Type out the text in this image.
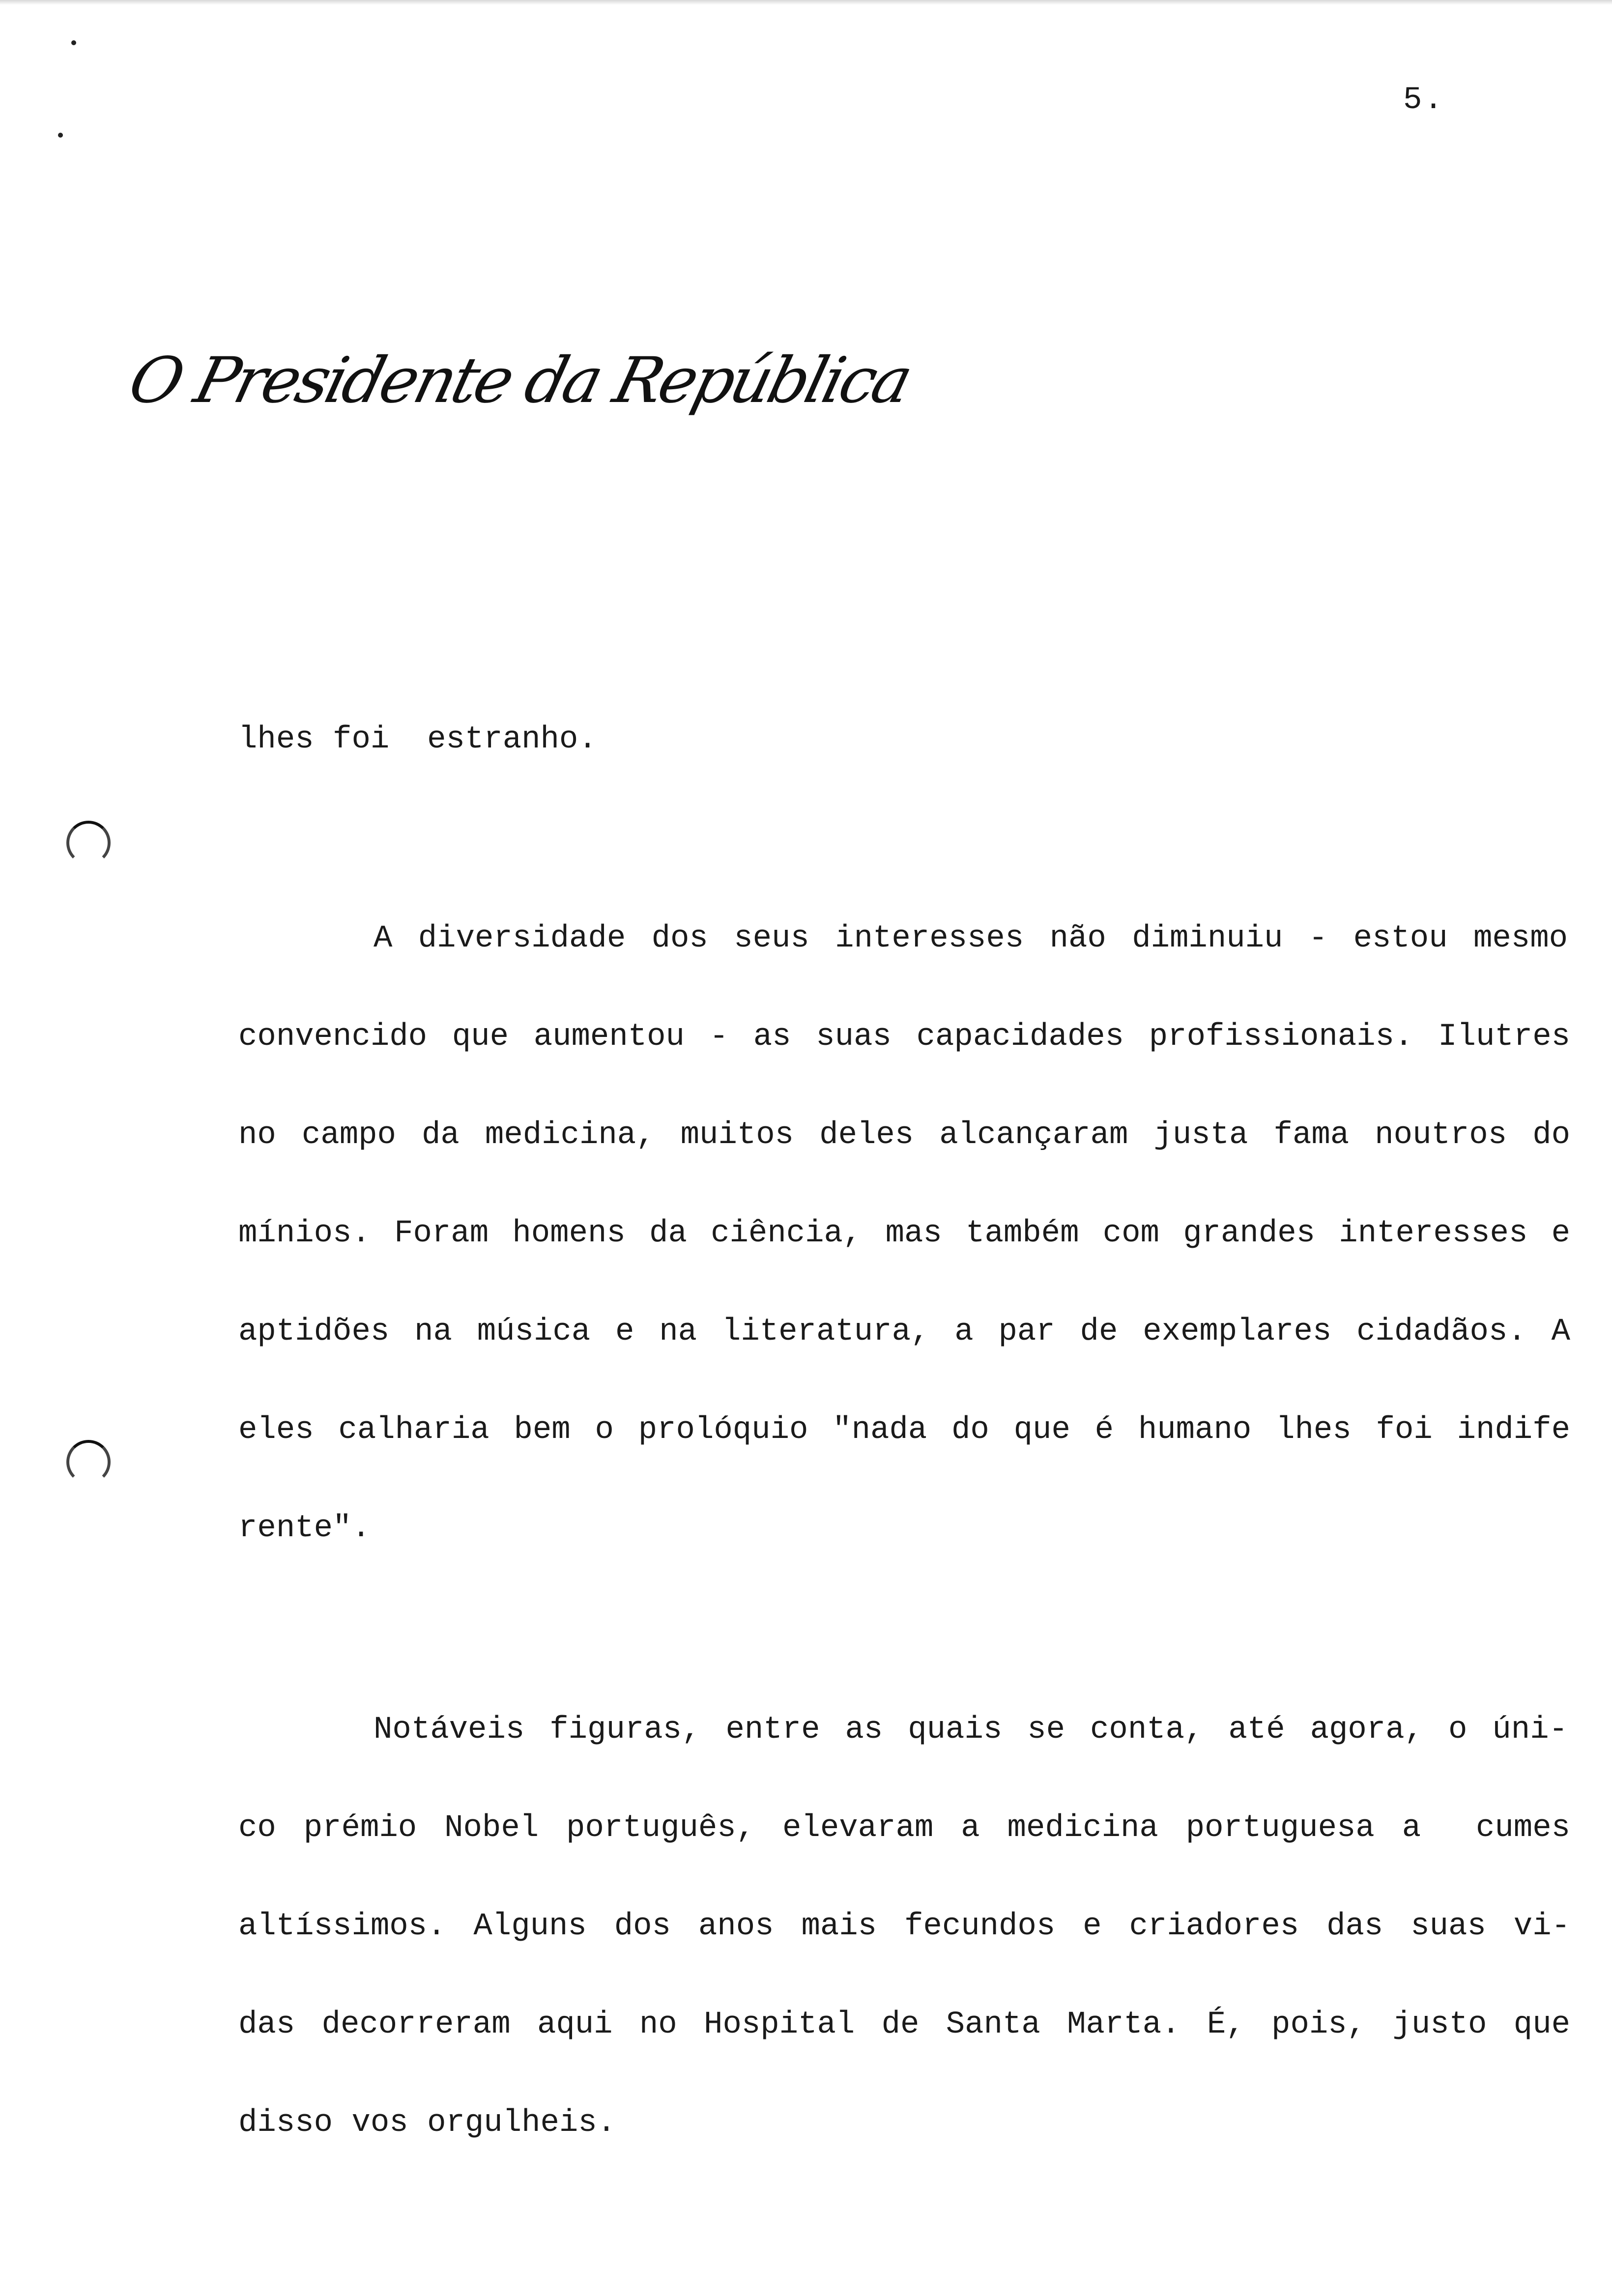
5.
O Presidente da República

lhes foi  estranho.

A diversidade dos seus interesses não diminuiu - estou mesmo

convencido que aumentou - as suas capacidades profissionais. Ilutres

no campo da medicina, muitos deles alcançaram justa fama noutros do

mínios. Foram homens da ciência, mas também com grandes interesses e

aptidões na música e na literatura, a par de exemplares cidadãos. A

eles calharia bem o prolóquio "nada do que é humano lhes foi indife

rente".

Notáveis figuras, entre as quais se conta, até agora, o úni-

co prémio Nobel português, elevaram a medicina portuguesa a  cumes

altíssimos. Alguns dos anos mais fecundos e criadores das suas vi-

das decorreram aqui no Hospital de Santa Marta. É, pois, justo que

disso vos orgulheis.
